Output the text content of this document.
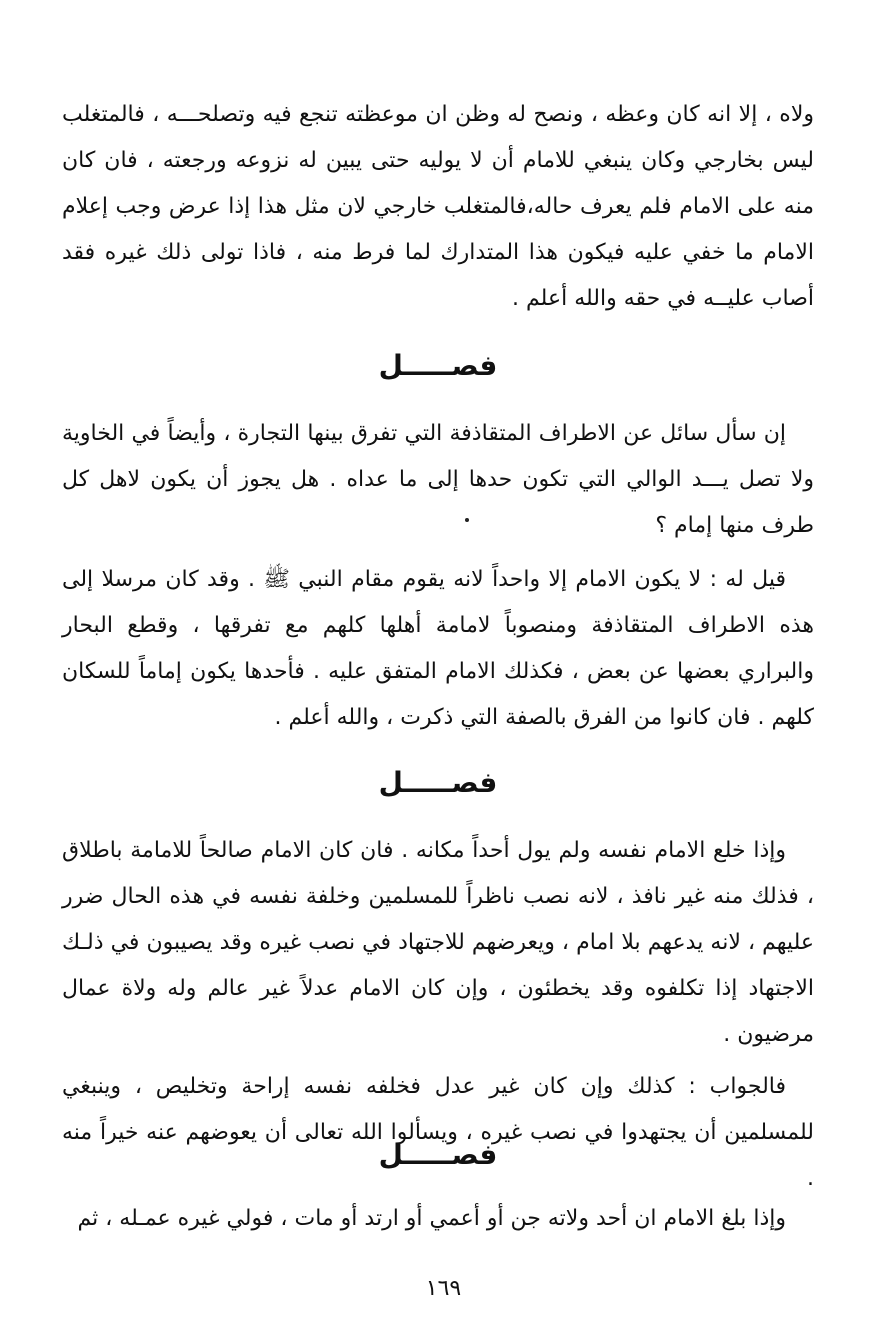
ولاه ، إلا انه كان وعظه ، ونصح له وظن ان موعظته تنجع فيه وتصلحـــه ، فالمتغلب ليس بخارجي وكان ينبغي للامام أن لا يوليه حتى يبين له نزوعه ورجعته ، فان كان منه على الامام فلم يعرف حاله،فالمتغلب خارجي لان مثل هذا إذا عرض وجب إعلام الامام ما خفي عليه فيكون هذا المتدارك لما فرط منه ، فاذا تولى ذلك غيره فقد أصاب عليــه في حقه والله أعلم .

فصـــــل

إن سأل سائل عن الاطراف المتقاذفة التي تفرق بينها التجارة ، وأيضاً في الخاوية ولا تصل يـــد الوالي التي تكون حدها إلى ما عداه . هل يجوز أن يكون لاهل كل طرف منها إمام ؟

قيل له : لا يكون الامام إلا واحداً لانه يقوم مقام النبي ﷺ . وقد كان مرسلا إلى هذه الاطراف المتقاذفة ومنصوباً لامامة أهلها كلهم مع تفرقها ، وقطع البحار والبراري بعضها عن بعض ، فكذلك الامام المتفق عليه . فأحدها يكون إماماً للسكان كلهم . فان كانوا من الفرق بالصفة التي ذكرت ، والله أعلم .

فصـــــل

وإذا خلع الامام نفسه ولم يول أحداً مكانه . فان كان الامام صالحاً للامامة باطلاق ، فذلك منه غير نافذ ، لانه نصب ناظراً للمسلمين وخلفة نفسه في هذه الحال ضرر عليهم ، لانه يدعهم بلا امام ، ويعرضهم للاجتهاد في نصب غيره وقد يصيبون في ذلـك الاجتهاد إذا تكلفوه وقد يخطئون ، وإن كان الامام عدلاً غير عالم وله ولاة عمال مرضيون .

فالجواب : كذلك وإن كان غير عدل فخلفه نفسه إراحة وتخليص ، وينبغي للمسلمين أن يجتهدوا في نصب غيره ، ويسألوا الله تعالى أن يعوضهم عنه خيراً منه .

فصـــــل

وإذا بلغ الامام ان أحد ولاته جن أو أعمي أو ارتد أو مات ، فولي غيره عمـله ، ثم

١٦٩
